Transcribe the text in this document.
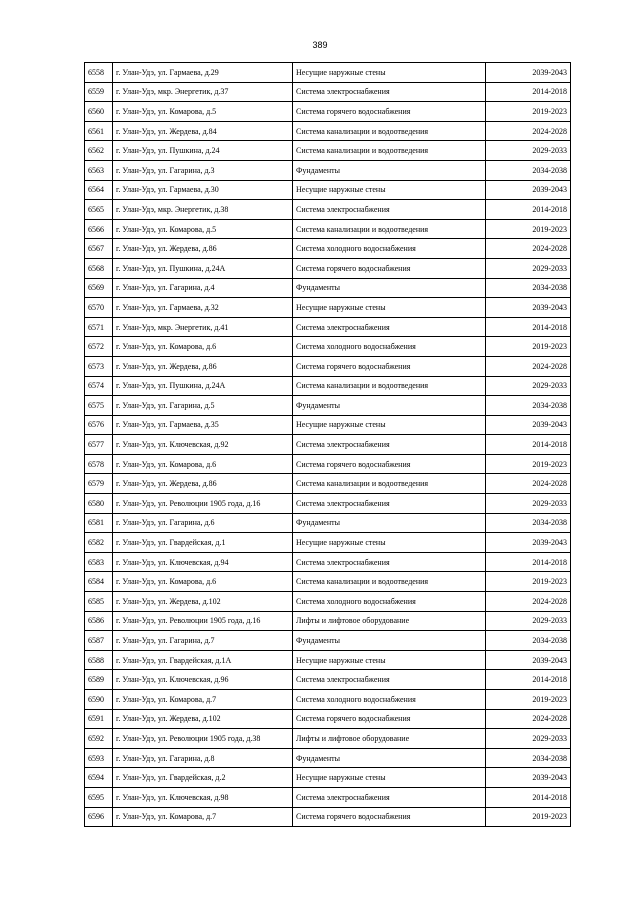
389
6558	г. Улан-Удэ, ул. Гармаева, д.29	Несущие наружные стены	2039-2043
6559	г. Улан-Удэ, мкр. Энергетик, д.37	Система электроснабжения	2014-2018
6560	г. Улан-Удэ, ул. Комарова, д.5	Система горячего водоснабжения	2019-2023
6561	г. Улан-Удэ, ул. Жердева, д.84	Система канализации и водоотведения	2024-2028
6562	г. Улан-Удэ, ул. Пушкина, д.24	Система канализации и водоотведения	2029-2033
6563	г. Улан-Удэ, ул. Гагарина, д.3	Фундаменты	2034-2038
6564	г. Улан-Удэ, ул. Гармаева, д.30	Несущие наружные стены	2039-2043
6565	г. Улан-Удэ, мкр. Энергетик, д.38	Система электроснабжения	2014-2018
6566	г. Улан-Удэ, ул. Комарова, д.5	Система канализации и водоотведения	2019-2023
6567	г. Улан-Удэ, ул. Жердева, д.86	Система холодного водоснабжения	2024-2028
6568	г. Улан-Удэ, ул. Пушкина, д.24А	Система горячего водоснабжения	2029-2033
6569	г. Улан-Удэ, ул. Гагарина, д.4	Фундаменты	2034-2038
6570	г. Улан-Удэ, ул. Гармаева, д.32	Несущие наружные стены	2039-2043
6571	г. Улан-Удэ, мкр. Энергетик, д.41	Система электроснабжения	2014-2018
6572	г. Улан-Удэ, ул. Комарова, д.6	Система холодного водоснабжения	2019-2023
6573	г. Улан-Удэ, ул. Жердева, д.86	Система горячего водоснабжения	2024-2028
6574	г. Улан-Удэ, ул. Пушкина, д.24А	Система канализации и водоотведения	2029-2033
6575	г. Улан-Удэ, ул. Гагарина, д.5	Фундаменты	2034-2038
6576	г. Улан-Удэ, ул. Гармаева, д.35	Несущие наружные стены	2039-2043
6577	г. Улан-Удэ, ул. Ключевская, д.92	Система электроснабжения	2014-2018
6578	г. Улан-Удэ, ул. Комарова, д.6	Система горячего водоснабжения	2019-2023
6579	г. Улан-Удэ, ул. Жердева, д.86	Система канализации и водоотведения	2024-2028
6580	г. Улан-Удэ, ул. Революции 1905 года, д.16	Система электроснабжения	2029-2033
6581	г. Улан-Удэ, ул. Гагарина, д.6	Фундаменты	2034-2038
6582	г. Улан-Удэ, ул. Гвардейская, д.1	Несущие наружные стены	2039-2043
6583	г. Улан-Удэ, ул. Ключевская, д.94	Система электроснабжения	2014-2018
6584	г. Улан-Удэ, ул. Комарова, д.6	Система канализации и водоотведения	2019-2023
6585	г. Улан-Удэ, ул. Жердева, д.102	Система холодного водоснабжения	2024-2028
6586	г. Улан-Удэ, ул. Революции 1905 года, д.16	Лифты и лифтовое оборудование	2029-2033
6587	г. Улан-Удэ, ул. Гагарина, д.7	Фундаменты	2034-2038
6588	г. Улан-Удэ, ул. Гвардейская, д.1А	Несущие наружные стены	2039-2043
6589	г. Улан-Удэ, ул. Ключевская, д.96	Система электроснабжения	2014-2018
6590	г. Улан-Удэ, ул. Комарова, д.7	Система холодного водоснабжения	2019-2023
6591	г. Улан-Удэ, ул. Жердева, д.102	Система горячего водоснабжения	2024-2028
6592	г. Улан-Удэ, ул. Революции 1905 года, д.38	Лифты и лифтовое оборудование	2029-2033
6593	г. Улан-Удэ, ул. Гагарина, д.8	Фундаменты	2034-2038
6594	г. Улан-Удэ, ул. Гвардейская, д.2	Несущие наружные стены	2039-2043
6595	г. Улан-Удэ, ул. Ключевская, д.98	Система электроснабжения	2014-2018
6596	г. Улан-Удэ, ул. Комарова, д.7	Система горячего водоснабжения	2019-2023
